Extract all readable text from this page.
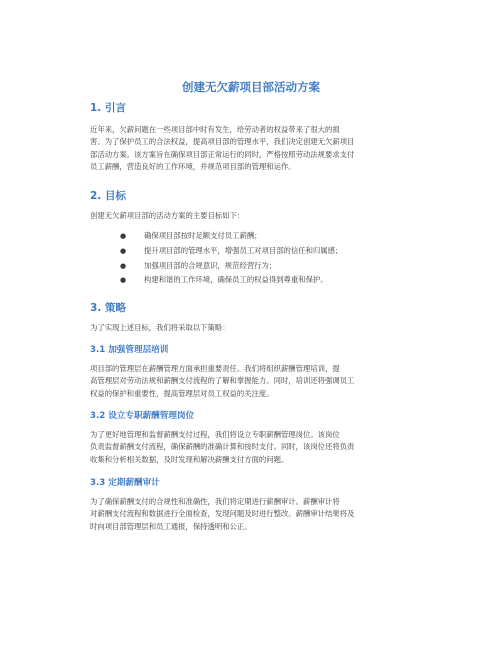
创建无欠薪项目部活动方案
1. 引言

近年来，欠薪问题在一些项目部中时有发生，给劳动者的权益带来了很大的损
害。为了保护员工的合法权益，提高项目部的管理水平，我们决定创建无欠薪项目
部活动方案。该方案旨在确保项目部正常运行的同时，严格按照劳动法规要求支付
员工薪酬，营造良好的工作环境，并规范项目部的管理和运作。

2. 目标

创建无欠薪项目部的活动方案的主要目标如下：

● 确保项目部按时足额支付员工薪酬；
● 提升项目部的管理水平，增强员工对项目部的信任和归属感；
● 加强项目部的合规意识，规范经营行为；
● 构建和谐的工作环境，确保员工的权益得到尊重和保护。
3. 策略

为了实现上述目标，我们将采取以下策略：

3.1 加强管理层培训

项目部的管理层在薪酬管理方面承担重要责任。我们将组织薪酬管理培训，提
高管理层对劳动法规和薪酬支付流程的了解和掌握能力。同时，培训还将强调员工
权益的保护和重要性，提高管理层对员工权益的关注度。

3.2 设立专职薪酬管理岗位

为了更好地管理和监督薪酬支付过程，我们将设立专职薪酬管理岗位。该岗位
负责监督薪酬支付流程，确保薪酬的准确计算和按时支付。同时，该岗位还将负责
收集和分析相关数据，及时发现和解决薪酬支付方面的问题。

3.3 定期薪酬审计

为了确保薪酬支付的合规性和准确性，我们将定期进行薪酬审计。薪酬审计将
对薪酬支付流程和数据进行全面检查，发现问题及时进行整改。薪酬审计结果将及
时向项目部管理层和员工通报，保持透明和公正。
